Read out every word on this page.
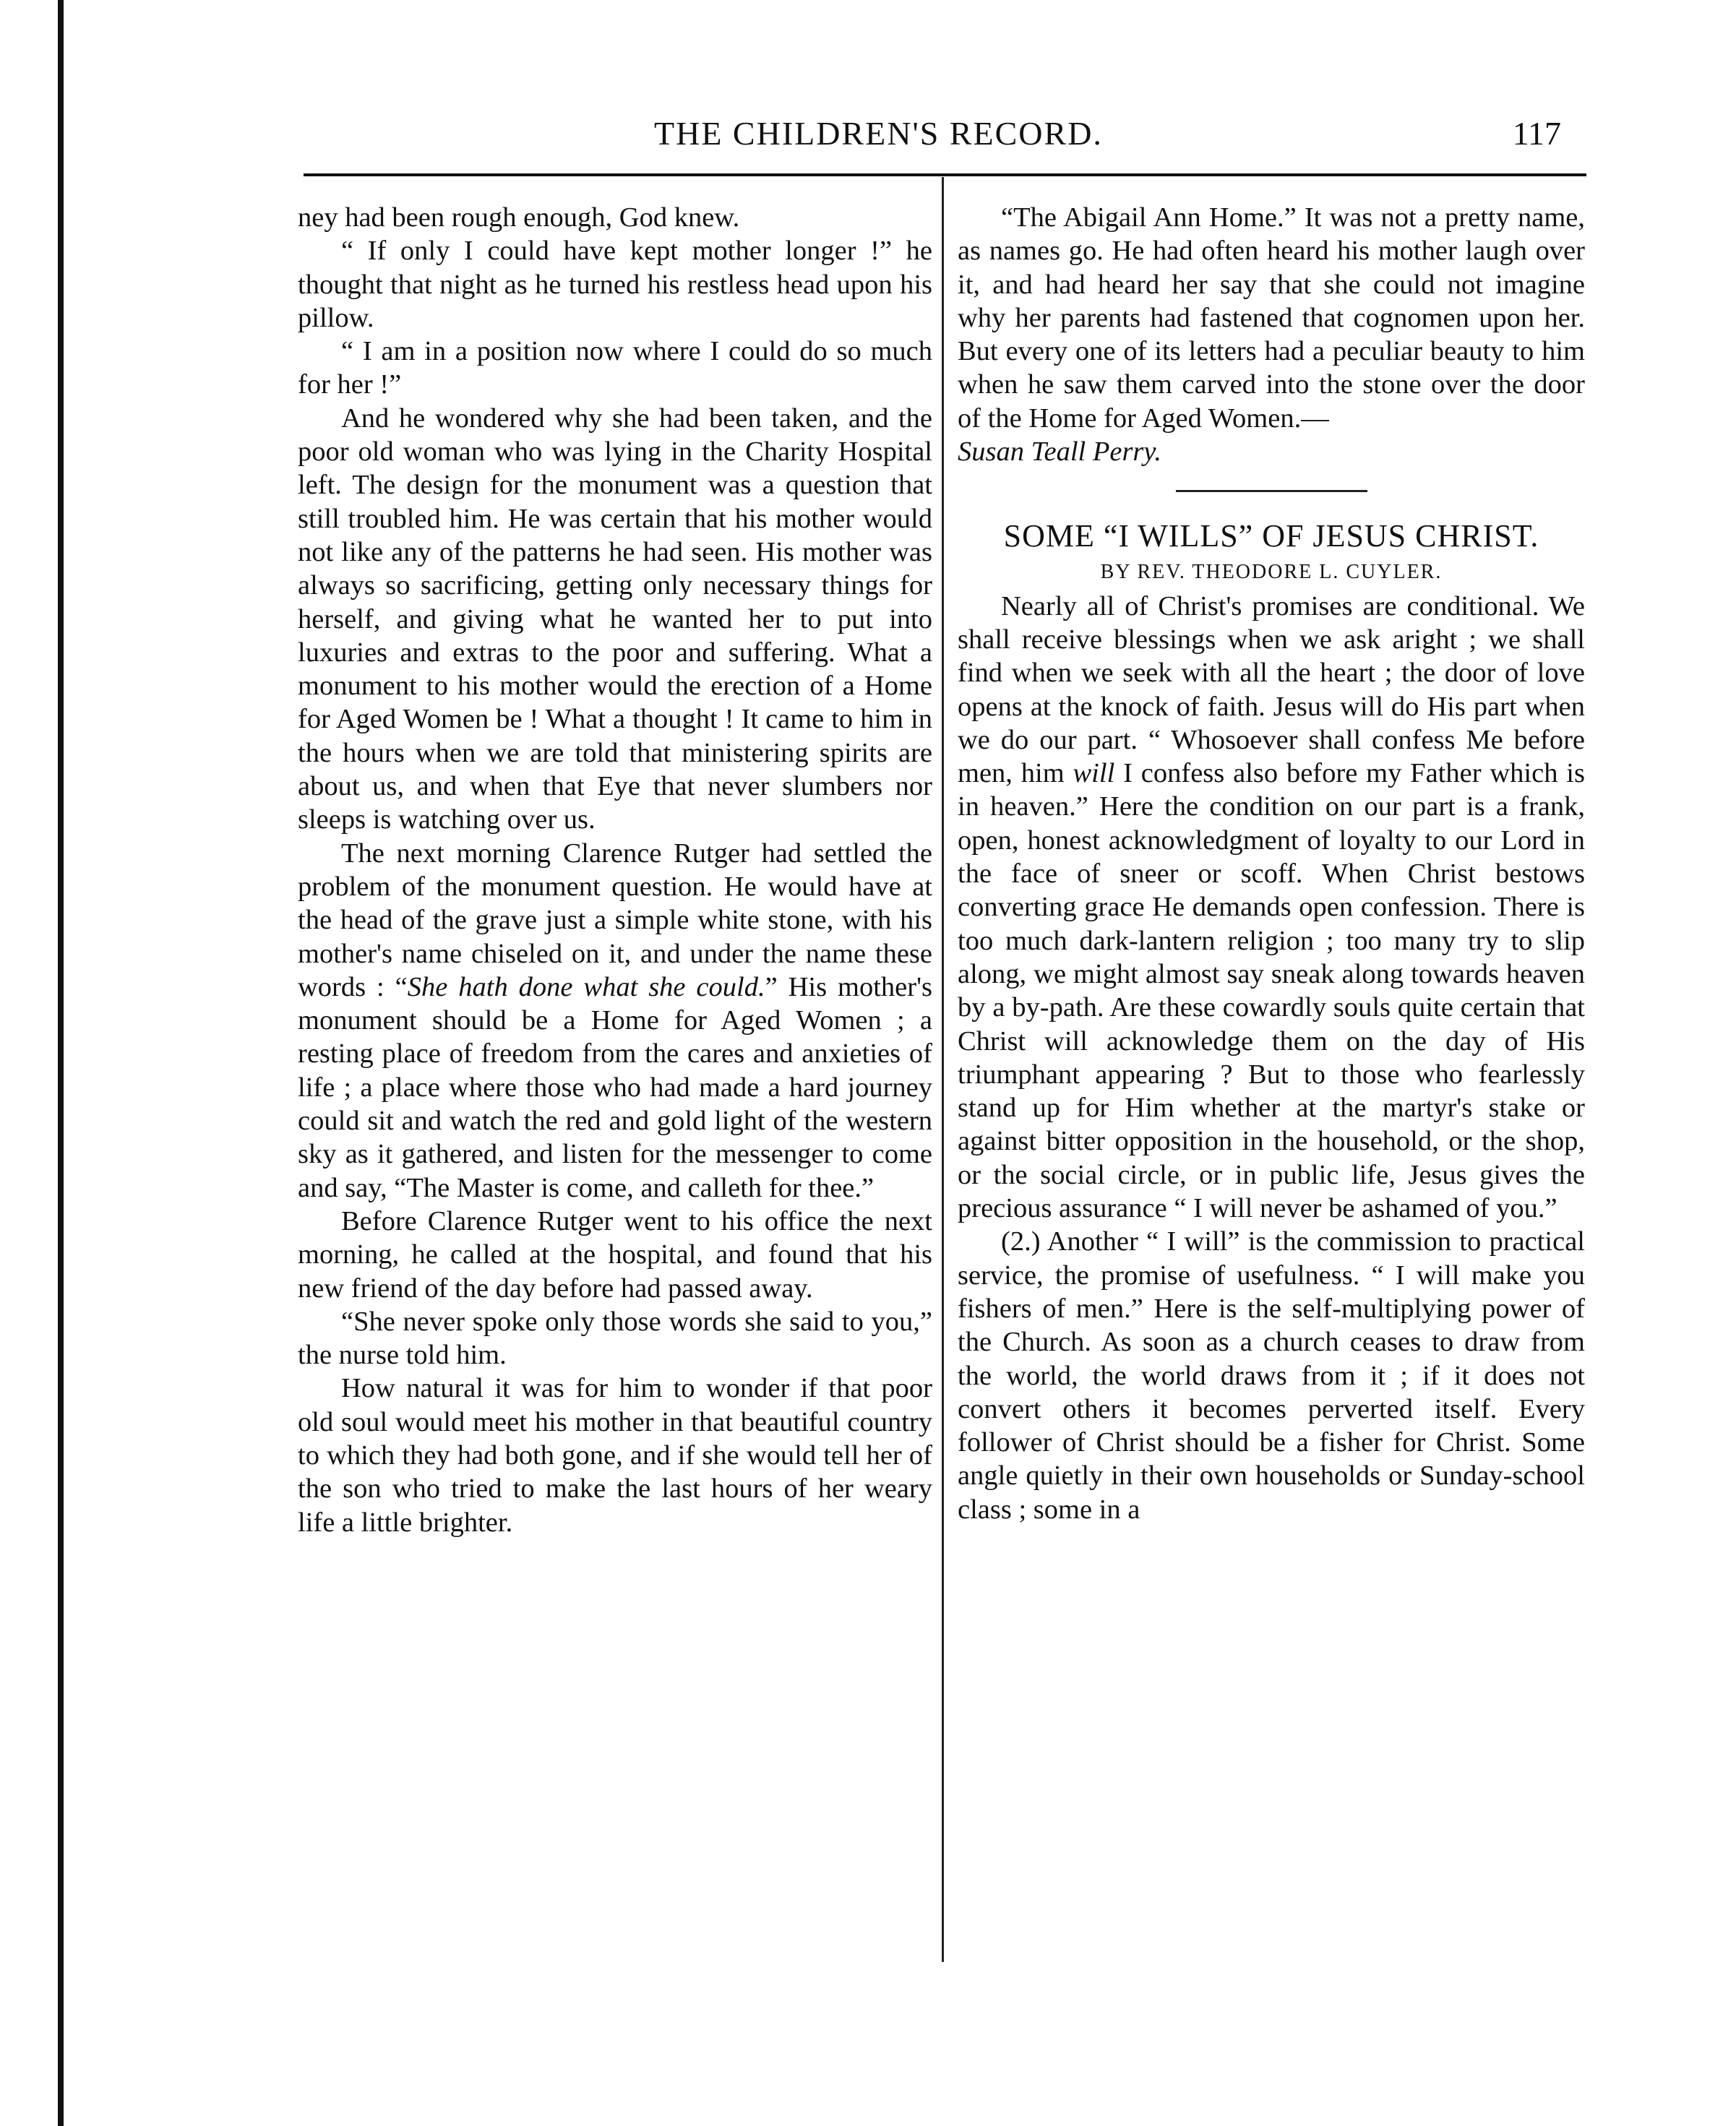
THE CHILDREN'S RECORD.	117

ney had been rough enough, God knew.

“ If only I could have kept mother longer !” he thought that night as he turned his restless head upon his pillow.

“ I am in a position now where I could do so much for her !”

And he wondered why she had been taken, and the poor old woman who was lying in the Charity Hospital left. The design for the monument was a question that still troubled him. He was certain that his mother would not like any of the patterns he had seen. His mother was always so sacrificing, getting only necessary things for herself, and giving what he wanted her to put into luxuries and extras to the poor and suffering. What a monument to his mother would the erection of a Home for Aged Women be ! What a thought ! It came to him in the hours when we are told that ministering spirits are about us, and when that Eye that never slumbers nor sleeps is watching over us.

The next morning Clarence Rutger had settled the problem of the monument question. He would have at the head of the grave just a simple white stone, with his mother's name chiseled on it, and under the name these words : “She hath done what she could.” His mother's monument should be a Home for Aged Women ; a resting place of freedom from the cares and anxieties of life ; a place where those who had made a hard journey could sit and watch the red and gold light of the western sky as it gathered, and listen for the messenger to come and say, “The Master is come, and calleth for thee.”

Before Clarence Rutger went to his office the next morning, he called at the hospital, and found that his new friend of the day before had passed away.

“She never spoke only those words she said to you,” the nurse told him.

How natural it was for him to wonder if that poor old soul would meet his mother in that beautiful country to which they had both gone, and if she would tell her of the son who tried to make the last hours of her weary life a little brighter.

“The Abigail Ann Home.” It was not a pretty name, as names go. He had often heard his mother laugh over it, and had heard her say that she could not imagine why her parents had fastened that cognomen upon her. But every one of its letters had a peculiar beauty to him when he saw them carved into the stone over the door of the Home for Aged Women.—

Susan Teall Perry.

SOME “I WILLS” OF JESUS CHRIST.

BY REV. THEODORE L. CUYLER.

Nearly all of Christ's promises are conditional. We shall receive blessings when we ask aright ; we shall find when we seek with all the heart ; the door of love opens at the knock of faith. Jesus will do His part when we do our part. “ Whosoever shall confess Me before men, him will I confess also before my Father which is in heaven.” Here the condition on our part is a frank, open, honest acknowledgment of loyalty to our Lord in the face of sneer or scoff. When Christ bestows converting grace He demands open confession. There is too much dark-lantern religion ; too many try to slip along, we might almost say sneak along towards heaven by a by-path. Are these cowardly souls quite certain that Christ will acknowledge them on the day of His triumphant appearing ? But to those who fearlessly stand up for Him whether at the martyr's stake or against bitter opposition in the household, or the shop, or the social circle, or in public life, Jesus gives the precious assurance “ I will never be ashamed of you.”

(2.) Another “ I will” is the commission to practical service, the promise of usefulness. “ I will make you fishers of men.” Here is the self-multiplying power of the Church. As soon as a church ceases to draw from the world, the world draws from it ; if it does not convert others it becomes perverted itself. Every follower of Christ should be a fisher for Christ. Some angle quietly in their own households or Sunday-school class ; some in a
